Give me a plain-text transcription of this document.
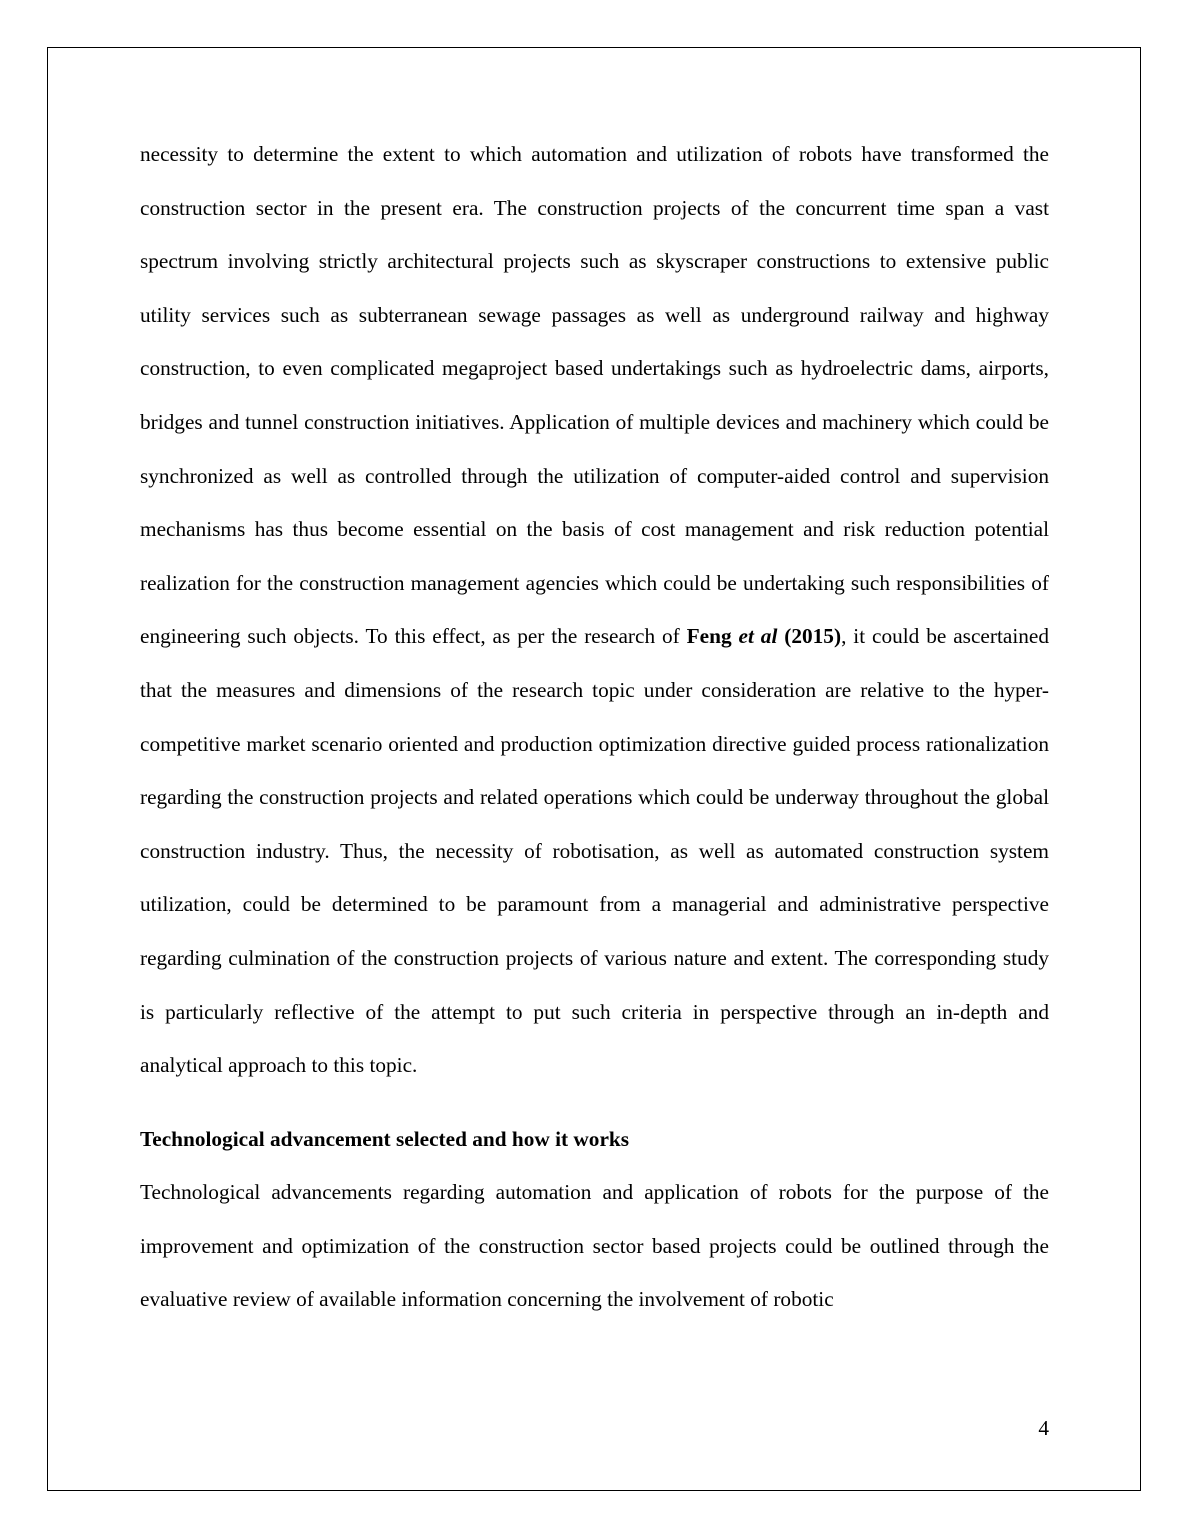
necessity to determine the extent to which automation and utilization of robots have transformed the construction sector in the present era. The construction projects of the concurrent time span a vast spectrum involving strictly architectural projects such as skyscraper constructions to extensive public utility services such as subterranean sewage passages as well as underground railway and highway construction, to even complicated megaproject based undertakings such as hydroelectric dams, airports, bridges and tunnel construction initiatives. Application of multiple devices and machinery which could be synchronized as well as controlled through the utilization of computer-aided control and supervision mechanisms has thus become essential on the basis of cost management and risk reduction potential realization for the construction management agencies which could be undertaking such responsibilities of engineering such objects. To this effect, as per the research of Feng et al (2015), it could be ascertained that the measures and dimensions of the research topic under consideration are relative to the hyper-competitive market scenario oriented and production optimization directive guided process rationalization regarding the construction projects and related operations which could be underway throughout the global construction industry. Thus, the necessity of robotisation, as well as automated construction system utilization, could be determined to be paramount from a managerial and administrative perspective regarding culmination of the construction projects of various nature and extent. The corresponding study is particularly reflective of the attempt to put such criteria in perspective through an in-depth and analytical approach to this topic.

Technological advancement selected and how it works

Technological advancements regarding automation and application of robots for the purpose of the improvement and optimization of the construction sector based projects could be outlined through the evaluative review of available information concerning the involvement of robotic

4
